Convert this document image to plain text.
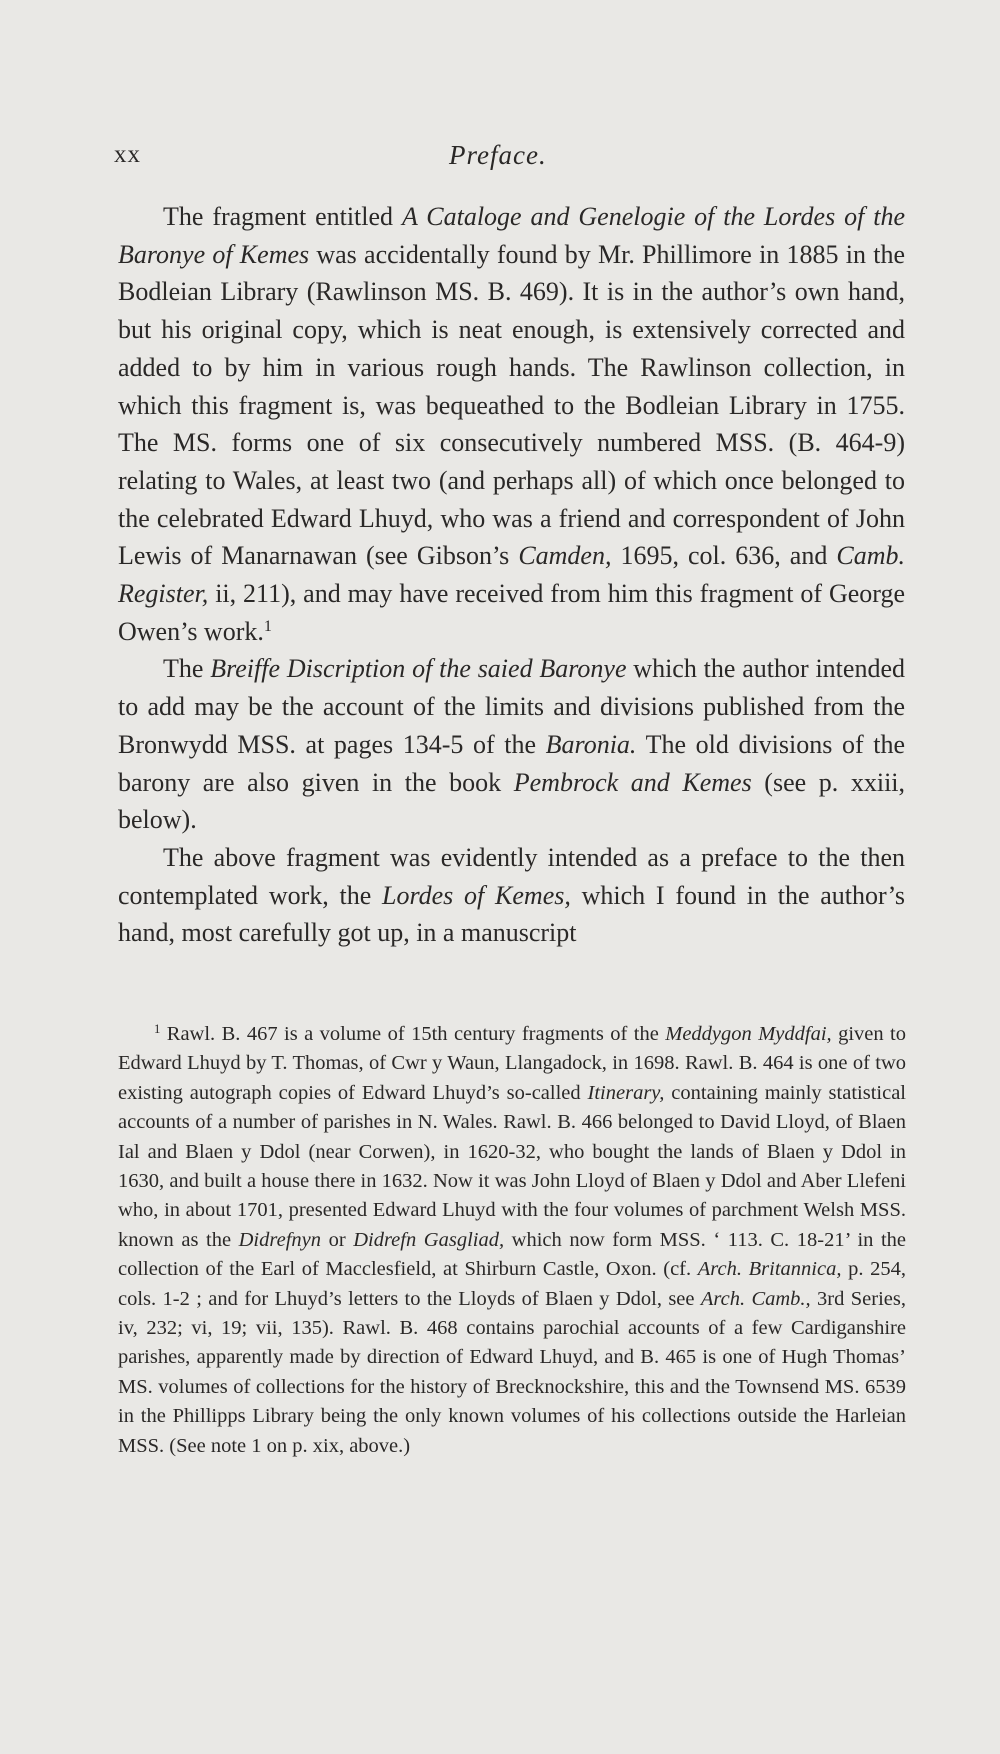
xx	Preface.

The fragment entitled A Cataloge and Genelogie of the Lordes of the Baronye of Kemes was accidentally found by Mr. Phillimore in 1885 in the Bodleian Library (Rawlinson MS. B. 469). It is in the author’s own hand, but his original copy, which is neat enough, is extensively corrected and added to by him in various rough hands. The Rawlinson collection, in which this fragment is, was bequeathed to the Bodleian Library in 1755. The MS. forms one of six consecutively numbered MSS. (B. 464-9) relating to Wales, at least two (and perhaps all) of which once belonged to the celebrated Edward Lhuyd, who was a friend and correspondent of John Lewis of Manarnawan (see Gibson’s Camden, 1695, col. 636, and Camb. Register, ii, 211), and may have received from him this fragment of George Owen’s work.$^1$

The Breiffe Discription of the saied Baronye which the author intended to add may be the account of the limits and divisions published from the Bronwydd MSS. at pages 134-5 of the Baronia. The old divisions of the barony are also given in the book Pembrock and Kemes (see p. xxiii, below).

The above fragment was evidently intended as a preface to the then contemplated work, the Lordes of Kemes, which I found in the author’s hand, most carefully got up, in a manuscript

$^1$ Rawl. B. 467 is a volume of 15th century fragments of the Meddygon Myddfai, given to Edward Lhuyd by T. Thomas, of Cwr y Waun, Llangadock, in 1698. Rawl. B. 464 is one of two existing autograph copies of Edward Lhuyd’s so-called Itinerary, containing mainly statistical accounts of a number of parishes in N. Wales. Rawl. B. 466 belonged to David Lloyd, of Blaen Ial and Blaen y Ddol (near Corwen), in 1620-32, who bought the lands of Blaen y Ddol in 1630, and built a house there in 1632. Now it was John Lloyd of Blaen y Ddol and Aber Llefeni who, in about 1701, presented Edward Lhuyd with the four volumes of parchment Welsh MSS. known as the Didrefnyn or Didrefn Gasgliad, which now form MSS. ‘ 113. C. 18-21’ in the collection of the Earl of Macclesfield, at Shirburn Castle, Oxon. (cf. Arch. Britannica, p. 254, cols. 1-2 ; and for Lhuyd’s letters to the Lloyds of Blaen y Ddol, see Arch. Camb., 3rd Series, iv, 232; vi, 19; vii, 135). Rawl. B. 468 contains parochial accounts of a few Cardiganshire parishes, apparently made by direction of Edward Lhuyd, and B. 465 is one of Hugh Thomas’ MS. volumes of collections for the history of Brecknockshire, this and the Townsend MS. 6539 in the Phillipps Library being the only known volumes of his collections outside the Harleian MSS. (See note 1 on p. xix, above.)
